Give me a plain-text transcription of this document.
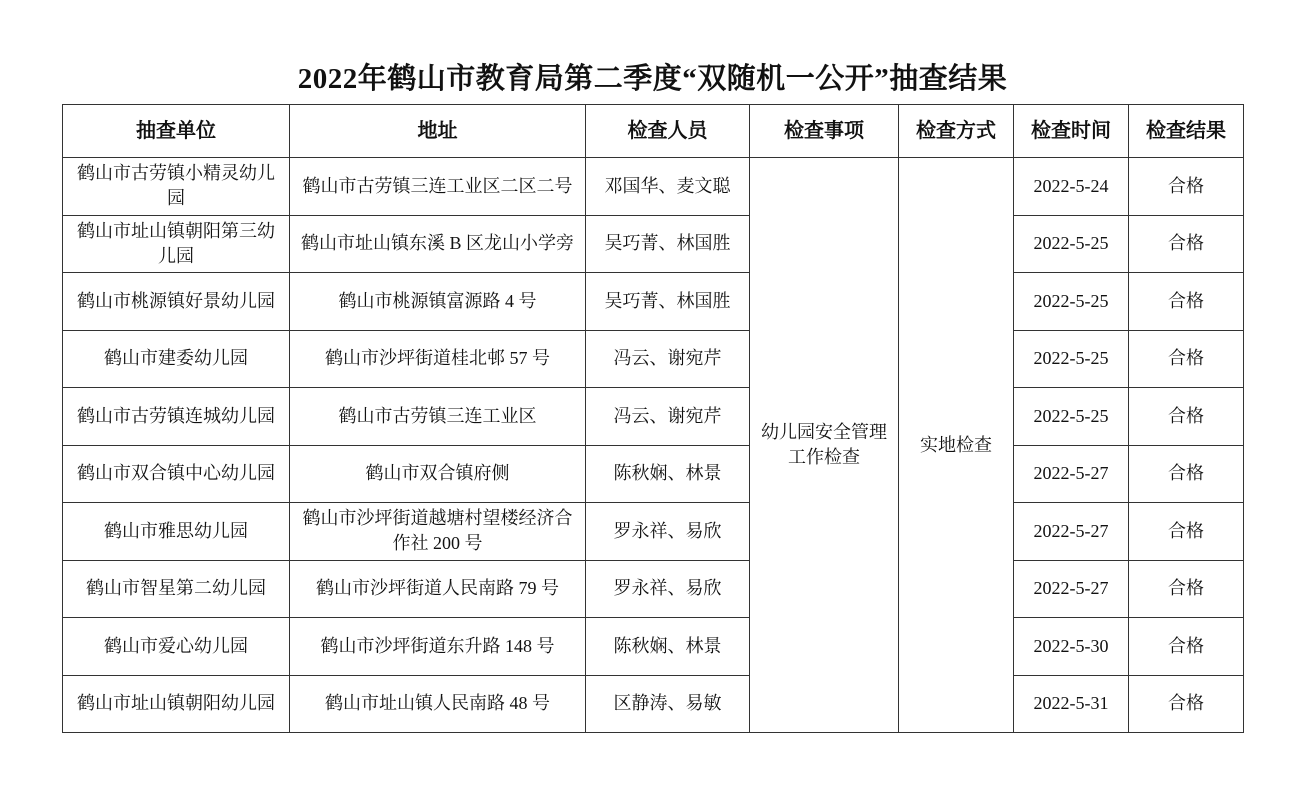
2022年鹤山市教育局第二季度“双随机一公开”抽查结果
抽查单位	地址	检查人员	检查事项	检查方式	检查时间	检查结果
鹤山市古劳镇小精灵幼儿园	鹤山市古劳镇三连工业区二区二号	邓国华、麦文聪	幼儿园安全管理工作检查	实地检查	2022-5-24	合格
鹤山市址山镇朝阳第三幼儿园	鹤山市址山镇东溪 B 区龙山小学旁	吴巧菁、林国胜			2022-5-25	合格
鹤山市桃源镇好景幼儿园	鹤山市桃源镇富源路 4 号	吴巧菁、林国胜			2022-5-25	合格
鹤山市建委幼儿园	鹤山市沙坪街道桂北邨 57 号	冯云、谢宛芹			2022-5-25	合格
鹤山市古劳镇连城幼儿园	鹤山市古劳镇三连工业区	冯云、谢宛芹			2022-5-25	合格
鹤山市双合镇中心幼儿园	鹤山市双合镇府侧	陈秋娴、林景			2022-5-27	合格
鹤山市雅思幼儿园	鹤山市沙坪街道越塘村望楼经济合作社 200 号	罗永祥、易欣			2022-5-27	合格
鹤山市智星第二幼儿园	鹤山市沙坪街道人民南路 79 号	罗永祥、易欣			2022-5-27	合格
鹤山市爱心幼儿园	鹤山市沙坪街道东升路 148 号	陈秋娴、林景			2022-5-30	合格
鹤山市址山镇朝阳幼儿园	鹤山市址山镇人民南路 48 号	区静涛、易敏			2022-5-31	合格
